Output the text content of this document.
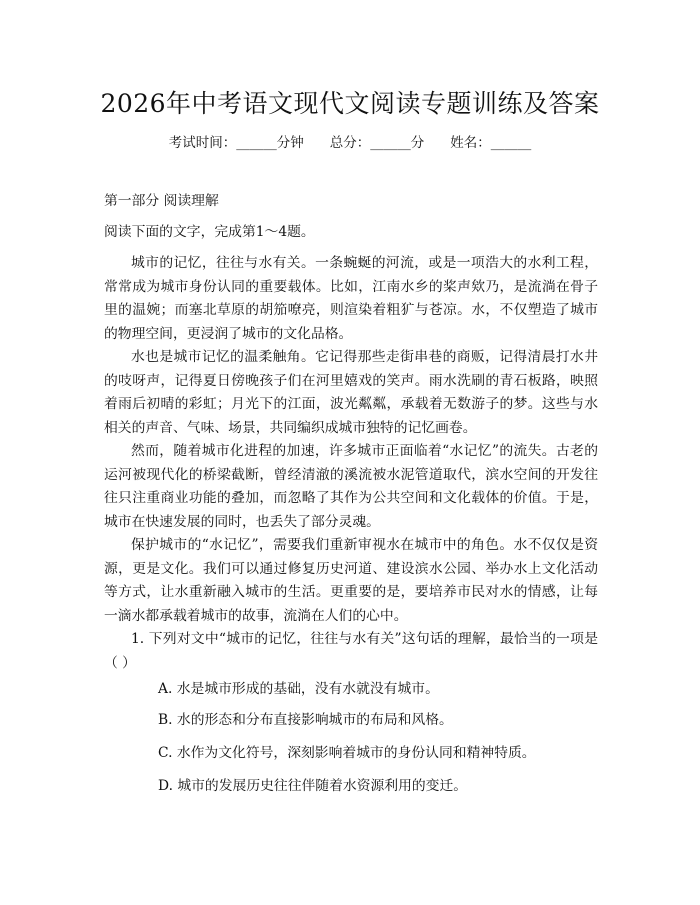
2026年中考语文现代文阅读专题训练及答案
考试时间：______分钟 总分：______分 姓名：______
第一部分 阅读理解
阅读下面的文字，完成第1～4题。

城市的记忆，往往与水有关。一条蜿蜒的河流，或是一项浩大的水利工程，常常成为城市身份认同的重要载体。比如，江南水乡的桨声欸乃，是流淌在骨子里的温婉；而塞北草原的胡笳嘹亮，则渲染着粗犷与苍凉。水，不仅塑造了城市的物理空间，更浸润了城市的文化品格。

水也是城市记忆的温柔触角。它记得那些走街串巷的商贩，记得清晨打水井的吱呀声，记得夏日傍晚孩子们在河里嬉戏的笑声。雨水洗刷的青石板路，映照着雨后初晴的彩虹；月光下的江面，波光粼粼，承载着无数游子的梦。这些与水相关的声音、气味、场景，共同编织成城市独特的记忆画卷。

然而，随着城市化进程的加速，许多城市正面临着“水记忆”的流失。古老的运河被现代化的桥梁截断，曾经清澈的溪流被水泥管道取代，滨水空间的开发往往只注重商业功能的叠加，而忽略了其作为公共空间和文化载体的价值。于是，城市在快速发展的同时，也丢失了部分灵魂。

保护城市的“水记忆”，需要我们重新审视水在城市中的角色。水不仅仅是资源，更是文化。我们可以通过修复历史河道、建设滨水公园、举办水上文化活动等方式，让水重新融入城市的生活。更重要的是，要培养市民对水的情感，让每一滴水都承载着城市的故事，流淌在人们的心中。

1. 下列对文中“城市的记忆，往往与水有关”这句话的理解，最恰当的一项是（ ）

A. 水是城市形成的基础，没有水就没有城市。
B. 水的形态和分布直接影响城市的布局和风格。
C. 水作为文化符号，深刻影响着城市的身份认同和精神特质。
D. 城市的发展历史往往伴随着水资源利用的变迁。
